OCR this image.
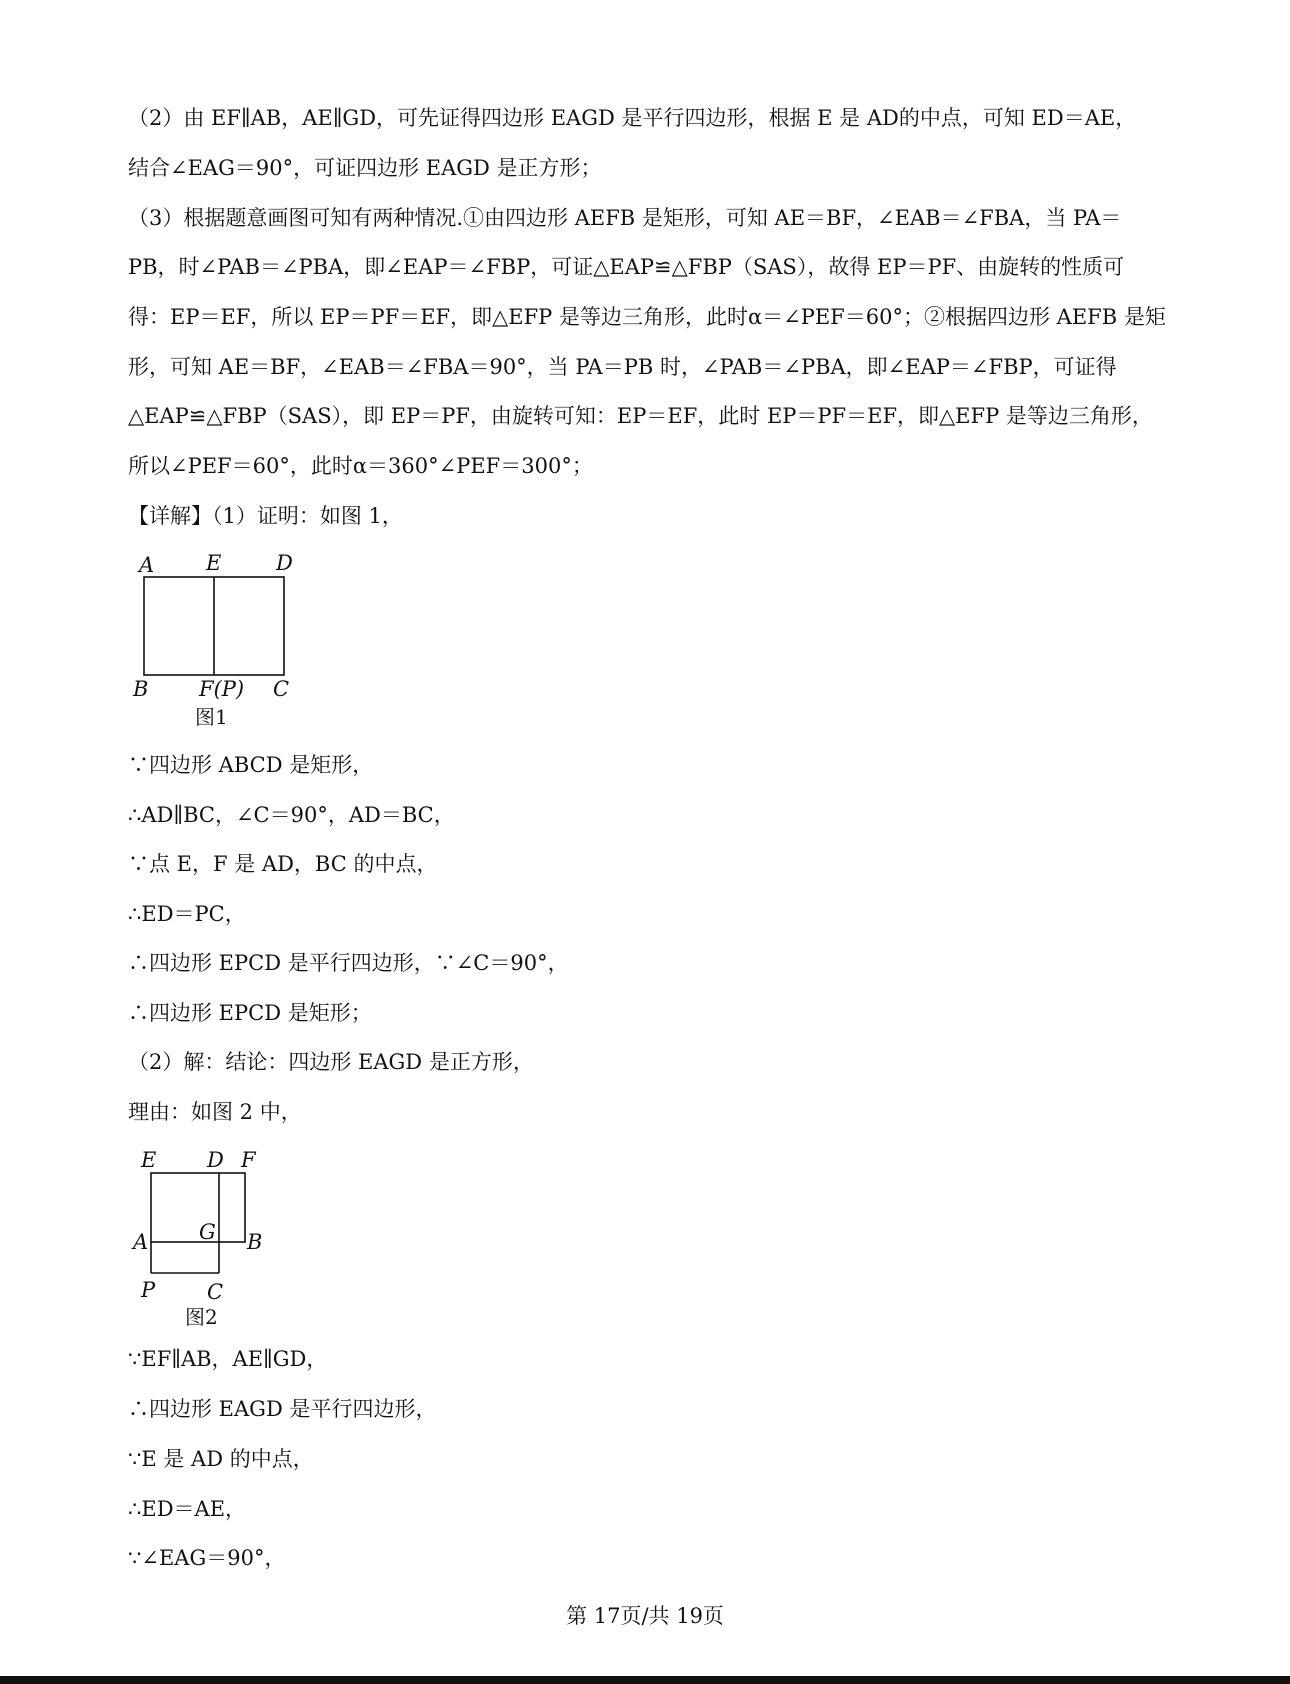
（2）由 EF∥AB，AE∥GD，可先证得四边形 EAGD 是平行四边形，根据 E 是 AD的中点，可知 ED＝AE，
结合∠EAG＝90°，可证四边形 EAGD 是正方形；
（3）根据题意画图可知有两种情况.①由四边形 AEFB 是矩形，可知 AE＝BF，∠EAB＝∠FBA，当 PA＝
PB，时∠PAB＝∠PBA，即∠EAP＝∠FBP，可证△EAP≌△FBP（SAS），故得 EP＝PF、由旋转的性质可
得：EP＝EF，所以 EP＝PF＝EF，即△EFP 是等边三角形，此时α＝∠PEF＝60°；②根据四边形 AEFB 是矩
形，可知 AE＝BF，∠EAB＝∠FBA＝90°，当 PA＝PB 时，∠PAB＝∠PBA，即∠EAP＝∠FBP，可证得
△EAP≌△FBP（SAS），即 EP＝PF，由旋转可知：EP＝EF，此时 EP＝PF＝EF，即△EFP 是等边三角形，
所以∠PEF＝60°，此时α＝360°∠PEF＝300°；
【详解】（1）证明：如图 1，
A E	D
B F(P) C
图1
∵四边形 ABCD 是矩形，
∴AD∥BC，∠C＝90°，AD＝BC，
∵点 E，F 是 AD，BC 的中点，
∴ED＝PC，
∴四边形 EPCD 是平行四边形，∵∠C＝90°，
∴四边形 EPCD 是矩形；
（2）解：结论：四边形 EAGD 是正方形，
理由：如图 2 中，
E D F
A G B
P C
图2
∵EF∥AB，AE∥GD，
∴四边形 EAGD 是平行四边形，
∵E 是 AD 的中点，
∴ED＝AE，
∵∠EAG＝90°，
第 17页/共 19页
